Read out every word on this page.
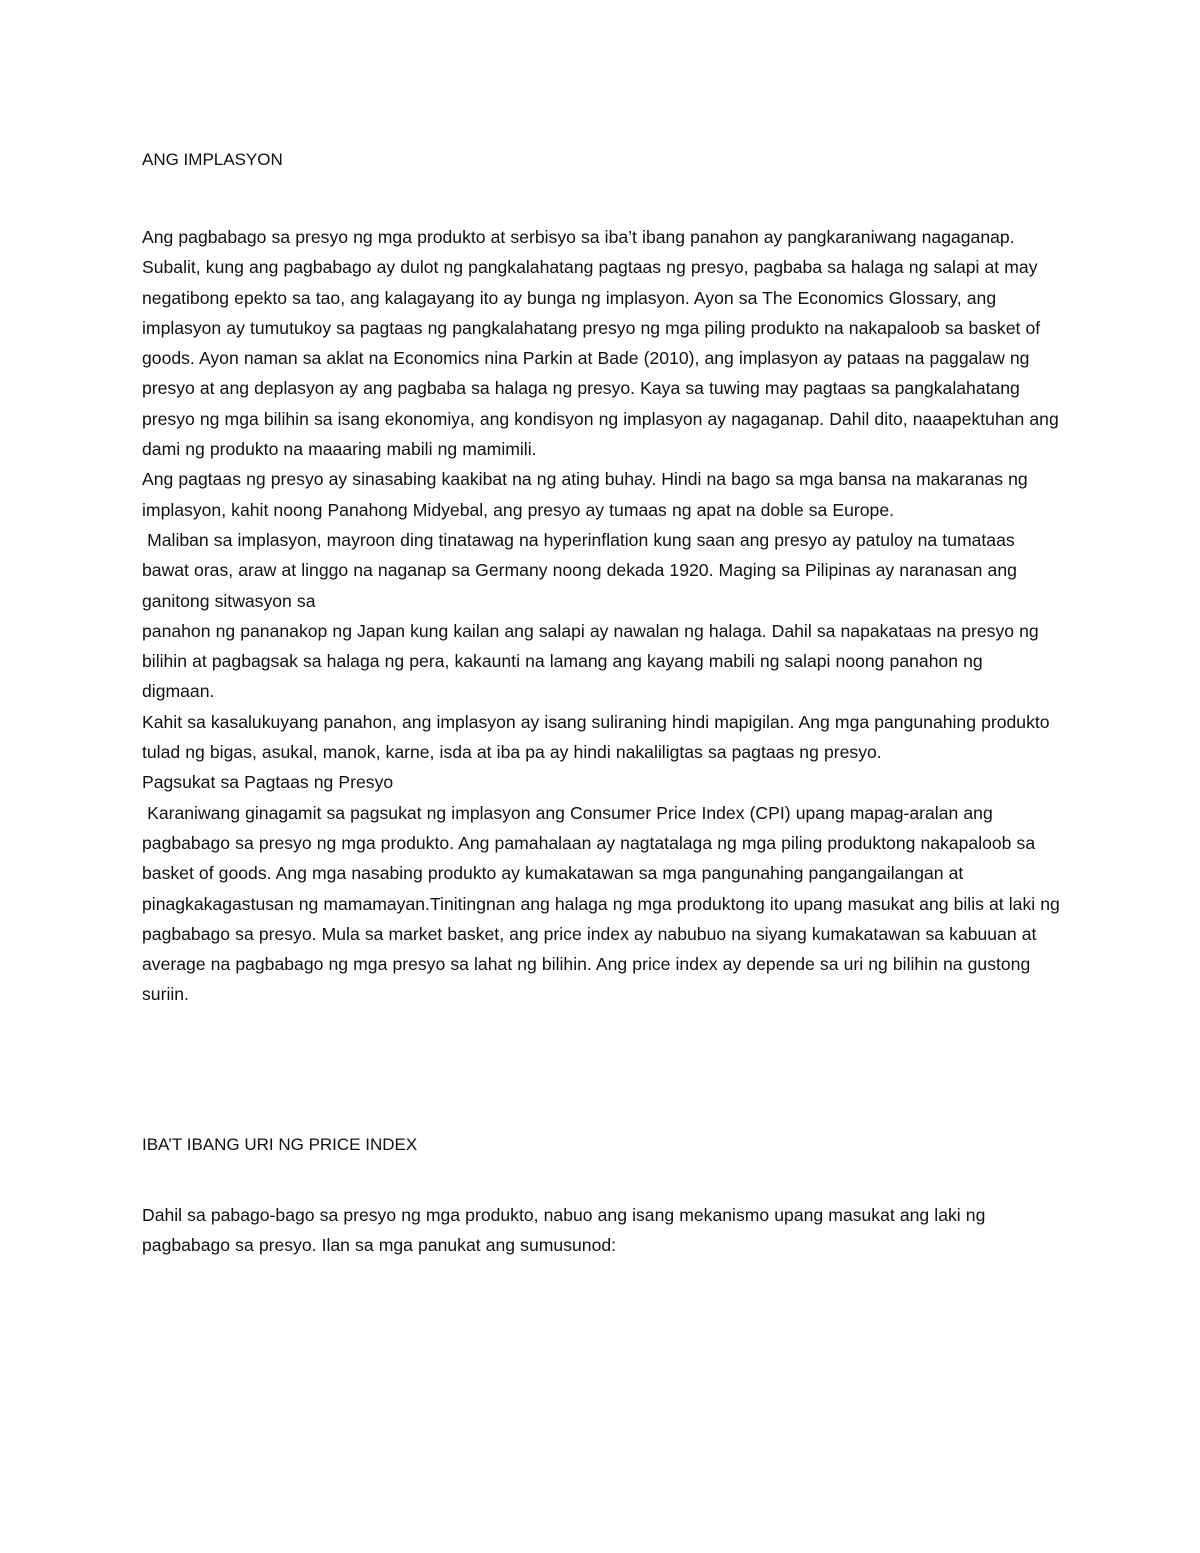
ANG IMPLASYON

Ang pagbabago sa presyo ng mga produkto at serbisyo sa iba’t ibang panahon ay pangkaraniwang nagaganap. Subalit, kung ang pagbabago ay dulot ng pangkalahatang pagtaas ng presyo, pagbaba sa halaga ng salapi at may negatibong epekto sa tao, ang kalagayang ito ay bunga ng implasyon. Ayon sa The Economics Glossary, ang implasyon ay tumutukoy sa pagtaas ng pangkalahatang presyo ng mga piling produkto na nakapaloob sa basket of goods. Ayon naman sa aklat na Economics nina Parkin at Bade (2010), ang implasyon ay pataas na paggalaw ng presyo at ang deplasyon ay ang pagbaba sa halaga ng presyo. Kaya sa tuwing may pagtaas sa pangkalahatang presyo ng mga bilihin sa isang ekonomiya, ang kondisyon ng implasyon ay nagaganap. Dahil dito, naaapektuhan ang dami ng produkto na maaaring mabili ng mamimili.

Ang pagtaas ng presyo ay sinasabing kaakibat na ng ating buhay. Hindi na bago sa mga bansa na makaranas ng implasyon, kahit noong Panahong Midyebal, ang presyo ay tumaas ng apat na doble sa Europe.

Maliban sa implasyon, mayroon ding tinatawag na hyperinflation kung saan ang presyo ay patuloy na tumataas bawat oras, araw at linggo na naganap sa Germany noong dekada 1920. Maging sa Pilipinas ay naranasan ang ganitong sitwasyon sa

panahon ng pananakop ng Japan kung kailan ang salapi ay nawalan ng halaga. Dahil sa napakataas na presyo ng bilihin at pagbagsak sa halaga ng pera, kakaunti na lamang ang kayang mabili ng salapi noong panahon ng digmaan.

Kahit sa kasalukuyang panahon, ang implasyon ay isang suliraning hindi mapigilan. Ang mga pangunahing produkto tulad ng bigas, asukal, manok, karne, isda at iba pa ay hindi nakaliligtas sa pagtaas ng presyo.

Pagsukat sa Pagtaas ng Presyo

Karaniwang ginagamit sa pagsukat ng implasyon ang Consumer Price Index (CPI) upang mapag-aralan ang pagbabago sa presyo ng mga produkto. Ang pamahalaan ay nagtatalaga ng mga piling produktong nakapaloob sa basket of goods. Ang mga nasabing produkto ay kumakatawan sa mga pangunahing pangangailangan at pinagkakagastusan ng mamamayan.Tinitingnan ang halaga ng mga produktong ito upang masukat ang bilis at laki ng pagbabago sa presyo. Mula sa market basket, ang price index ay nabubuo na siyang kumakatawan sa kabuuan at average na pagbabago ng mga presyo sa lahat ng bilihin. Ang price index ay depende sa uri ng bilihin na gustong suriin.

IBA’T IBANG URI NG PRICE INDEX

Dahil sa pabago-bago sa presyo ng mga produkto, nabuo ang isang mekanismo upang masukat ang laki ng pagbabago sa presyo. Ilan sa mga panukat ang sumusunod:
